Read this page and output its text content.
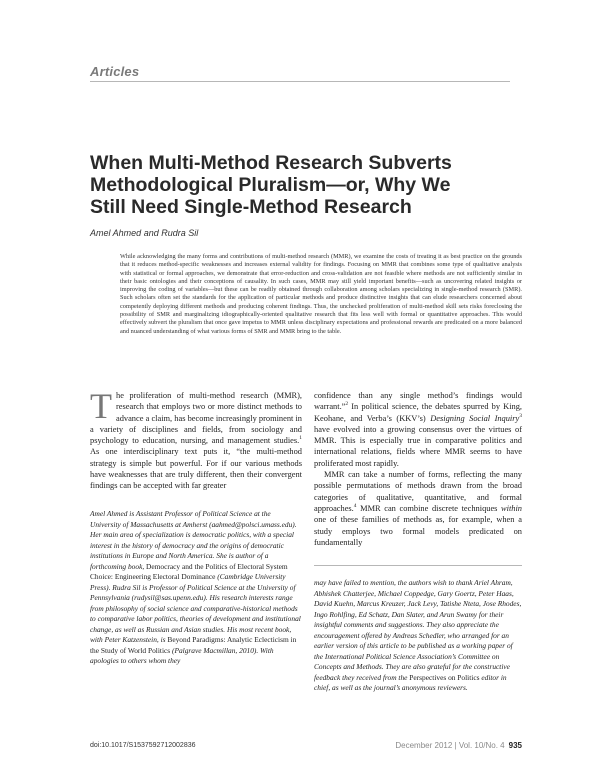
Articles
When Multi-Method Research Subverts
Methodological Pluralism—or, Why We
Still Need Single-Method Research
Amel Ahmed and Rudra Sil

While acknowledging the many forms and contributions of multi-method research (MMR), we examine the costs of treating it as best practice on the grounds that it reduces method-specific weaknesses and increases external validity for findings. Focusing on MMR that combines some type of qualitative analysis with statistical or formal approaches, we demonstrate that error-reduction and cross-validation are not feasible where methods are not sufficiently similar in their basic ontologies and their conceptions of causality. In such cases, MMR may still yield important benefits—such as uncovering related insights or improving the coding of variables—but these can be readily obtained through collaboration among scholars specializing in single-method research (SMR). Such scholars often set the standards for the application of particular methods and produce distinctive insights that can elude researchers concerned about competently deploying different methods and producing coherent findings. Thus, the unchecked proliferation of multi-method skill sets risks foreclosing the possibility of SMR and marginalizing idiographically-oriented qualitative research that fits less well with formal or quantitative approaches. This would effectively subvert the pluralism that once gave impetus to MMR unless disciplinary expectations and professional rewards are predicated on a more balanced and nuanced understanding of what various forms of SMR and MMR bring to the table.

The proliferation of multi-method research (MMR), research that employs two or more distinct methods to advance a claim, has become increasingly prominent in a variety of disciplines and fields, from sociology and psychology to education, nursing, and management studies.$^1$ As one interdisciplinary text puts it, “the multi-method strategy is simple but powerful. For if our various methods have weaknesses that are truly different, then their convergent findings can be accepted with far greater
confidence than any single method’s findings would warrant.”$^2$ In political science, the debates spurred by King, Keohane, and Verba’s (KKV’s) Designing Social Inquiry$^3$ have evolved into a growing consensus over the virtues of MMR. This is especially true in comparative politics and international relations, fields where MMR seems to have proliferated most rapidly.
MMR can take a number of forms, reflecting the many possible permutations of methods drawn from the broad categories of qualitative, quantitative, and formal approaches.$^4$ MMR can combine discrete techniques within one of these families of methods as, for example, when a study employs two formal models predicated on fundamentally

Amel Ahmed is Assistant Professor of Political Science at the University of Massachusetts at Amherst (aahmed@polsci.umass.edu). Her main area of specialization is democratic politics, with a special interest in the history of democracy and the origins of democratic institutions in Europe and North America. She is author of a forthcoming book, Democracy and the Politics of Electoral System Choice: Engineering Electoral Dominance (Cambridge University Press). Rudra Sil is Professor of Political Science at the University of Pennsylvania (rudysil@sas.upenn.edu). His research interests range from philosophy of social science and comparative-historical methods to comparative labor politics, theories of development and institutional change, as well as Russian and Asian studies. His most recent book, with Peter Katzenstein, is Beyond Paradigms: Analytic Eclecticism in the Study of World Politics (Palgrave Macmillan, 2010). With apologies to others whom they

may have failed to mention, the authors wish to thank Ariel Ahram, Abhishek Chatterjee, Michael Coppedge, Gary Goertz, Peter Haas, David Kuehn, Marcus Kreuzer, Jack Levy, Tatishe Nteta, Jose Rhodes, Ingo Rohlfing, Ed Schatz, Dan Slater, and Arun Swamy for their insightful comments and suggestions. They also appreciate the encouragement offered by Andreas Schedler, who arranged for an earlier version of this article to be published as a working paper of the International Political Science Association’s Committee on Concepts and Methods. They are also grateful for the constructive feedback they received from the Perspectives on Politics editor in chief, as well as the journal’s anonymous reviewers.

doi:10.1017/S1537592712002836	December 2012 | Vol. 10/No. 4 935
